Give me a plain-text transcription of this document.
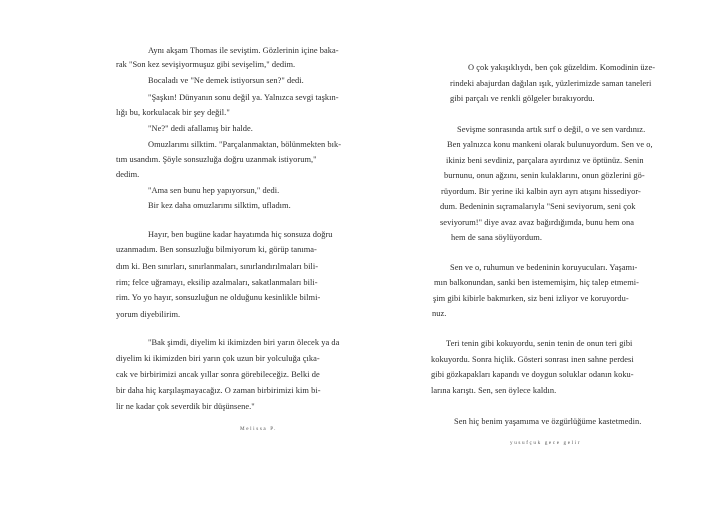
Aynı akşam Thomas ile seviştim. Gözlerinin içine baka-
rak "Son kez sevişiyormuşuz gibi sevişelim," dedim.
Bocaladı ve "Ne demek istiyorsun sen?" dedi.
"Şaşkın! Dünyanın sonu değil ya. Yalnızca sevgi taşkın-
lığı bu, korkulacak bir şey değil."
"Ne?" dedi afallamış bir halde.
Omuzlarımı silktim. "Parçalanmaktan, bölünmekten bık-
tım usandım. Şöyle sonsuzluğa doğru uzanmak istiyorum,"
dedim.
"Ama sen bunu hep yapıyorsun," dedi.
Bir kez daha omuzlarımı silktim, ufladım.
Hayır, ben bugüne kadar hayatımda hiç sonsuza doğru
uzanmadım. Ben sonsuzluğu bilmiyorum ki, görüp tanıma-
dım ki. Ben sınırları, sınırlanmaları, sınırlandırılmaları bili-
rim; felce uğramayı, eksilip azalmaları, sakatlanmaları bili-
rim. Yo yo hayır, sonsuzluğun ne olduğunu kesinlikle bilmi-
yorum diyebilirim.
"Bak şimdi, diyelim ki ikimizden biri yarın ölecek ya da
diyelim ki ikimizden biri yarın çok uzun bir yolculuğa çıka-
cak ve birbirimizi ancak yıllar sonra görebileceğiz. Belki de
bir daha hiç karşılaşmayacağız. O zaman birbirimizi kim bi-
lir ne kadar çok severdik bir düşünsene."
Melissa P.
O çok yakışıklıydı, ben çok güzeldim. Komodinin üze-
rindeki abajurdan dağılan ışık, yüzlerimizde saman taneleri
gibi parçalı ve renkli gölgeler bırakıyordu.
Sevişme sonrasında artık sırf o değil, o ve sen vardınız.
Ben yalnızca konu mankeni olarak bulunuyordum. Sen ve o,
ikiniz beni sevdiniz, parçalara ayırdınız ve öptünüz. Senin
burnunu, onun ağzını, senin kulaklarını, onun gözlerini gö-
rüyordum. Bir yerine iki kalbin ayrı ayrı atışını hissediyor-
dum. Bedeninin sıçramalarıyla "Seni seviyorum, seni çok
seviyorum!" diye avaz avaz bağırdığımda, bunu hem ona
hem de sana söylüyordum.
Sen ve o, ruhumun ve bedeninin koruyucuları. Yaşamı-
mın balkonundan, sanki ben istememişim, hiç talep etmemi-
şim gibi kibirle bakmırken, siz beni izliyor ve koruyordu-
nuz.
Teri tenin gibi kokuyordu, senin tenin de onun teri gibi
kokuyordu. Sonra hiçlik. Gösteri sonrası inen sahne perdesi
gibi gözkapakları kapandı ve doygun soluklar odanın koku-
larına karıştı. Sen, sen öylece kaldın.
Sen hiç benim yaşamıma ve özgürlüğüme kastetmedin.
yusufçuk gece gelir
